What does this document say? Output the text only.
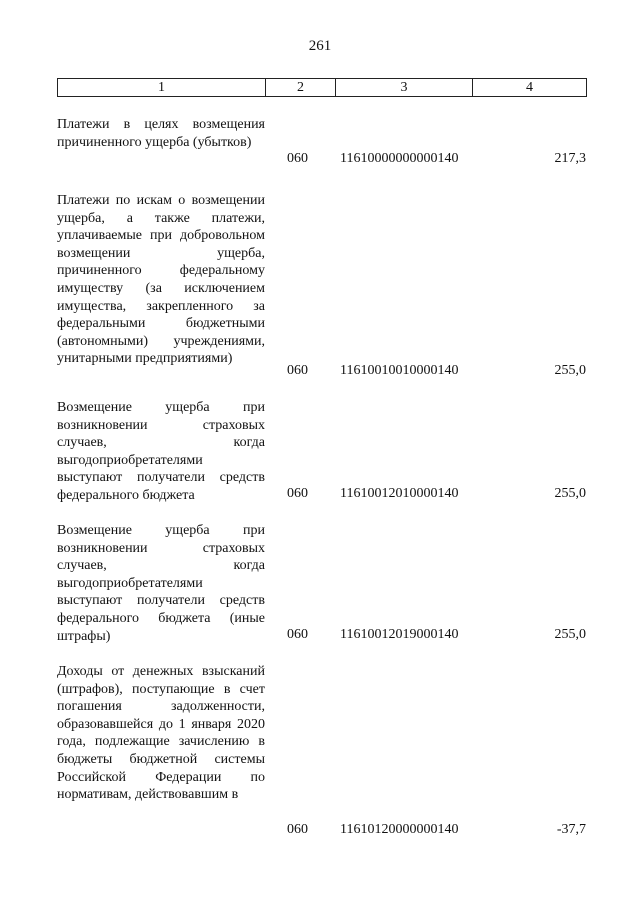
261
1	2	3	4
Платежи в целях возмещения причиненного ущерба (убытков)
060 11610000000000140	217,3
Платежи по искам о возмещении ущерба, а также платежи, уплачиваемые при добровольном возмещении ущерба, причиненного федеральному имуществу (за исключением имущества, закрепленного за федеральными бюджетными (автономными) учреждениями, унитарными предприятиями)
060 11610010010000140	255,0
Возмещение ущерба при возникновении страховых случаев, когда выгодоприобретателями выступают получатели средств федерального бюджета	060 11610012010000140	255,0
Возмещение ущерба при возникновении страховых случаев, когда выгодоприобретателями выступают получатели средств федерального бюджета (иные штрафы)	060 11610012019000140	255,0
Доходы от денежных взысканий (штрафов), поступающие в счет погашения задолженности, образовавшейся до 1 января 2020 года, подлежащие зачислению в бюджеты бюджетной системы Российской Федерации по нормативам, действовавшим в
060 11610120000000140	-37,7
